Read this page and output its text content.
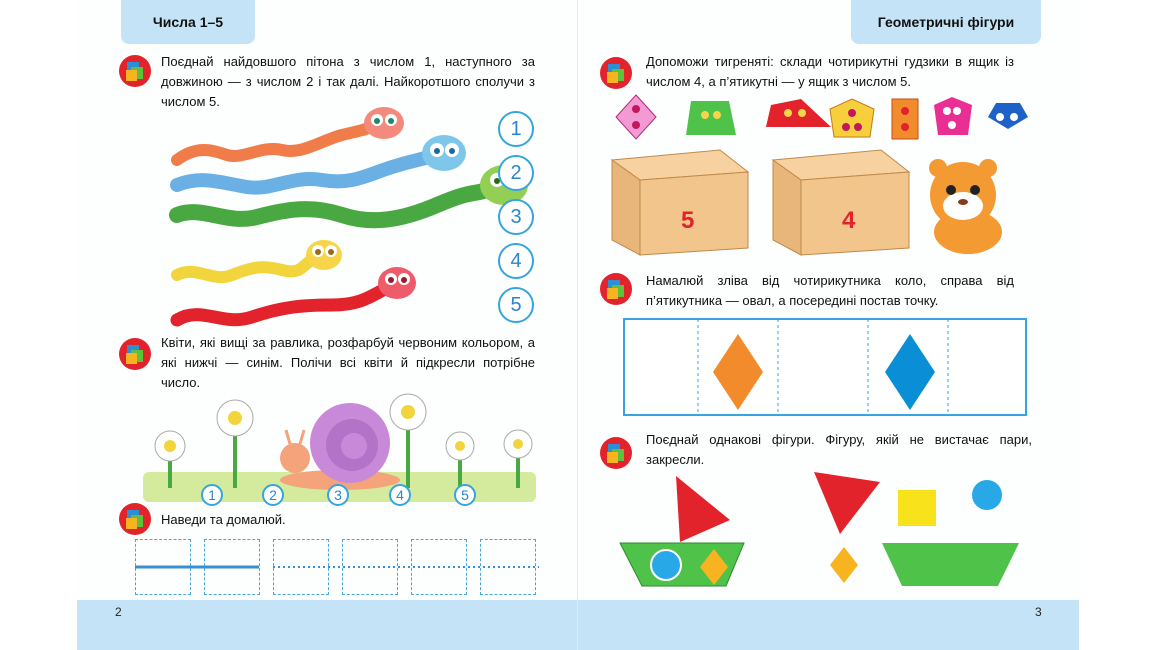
2
Числа 1–5
Поєднай найдовшого пітона з числом 1, наступного за довжиною — з числом 2 і так далі. Найкоротшого сполучи з числом 5.
1
2
3
4
5
Квіти, які вищі за равлика, розфарбуй червоним кольором, а які нижчі — синім. Полічи всі квіти й підкресли потрібне число.
1	2	3	4	5
Наведи та домалюй.
3
Геометричні фігури
Допоможи тигреняті: склади чотирикутні гудзики в ящик із числом 4, а п’ятикутні — у ящик з числом 5.
5	4
Намалюй зліва від чотирикутника коло, справа від п’ятикутника — овал, а посередині постав точку.
Поєднай однакові фігури. Фігуру, якій не вистачає пари, закресли.
